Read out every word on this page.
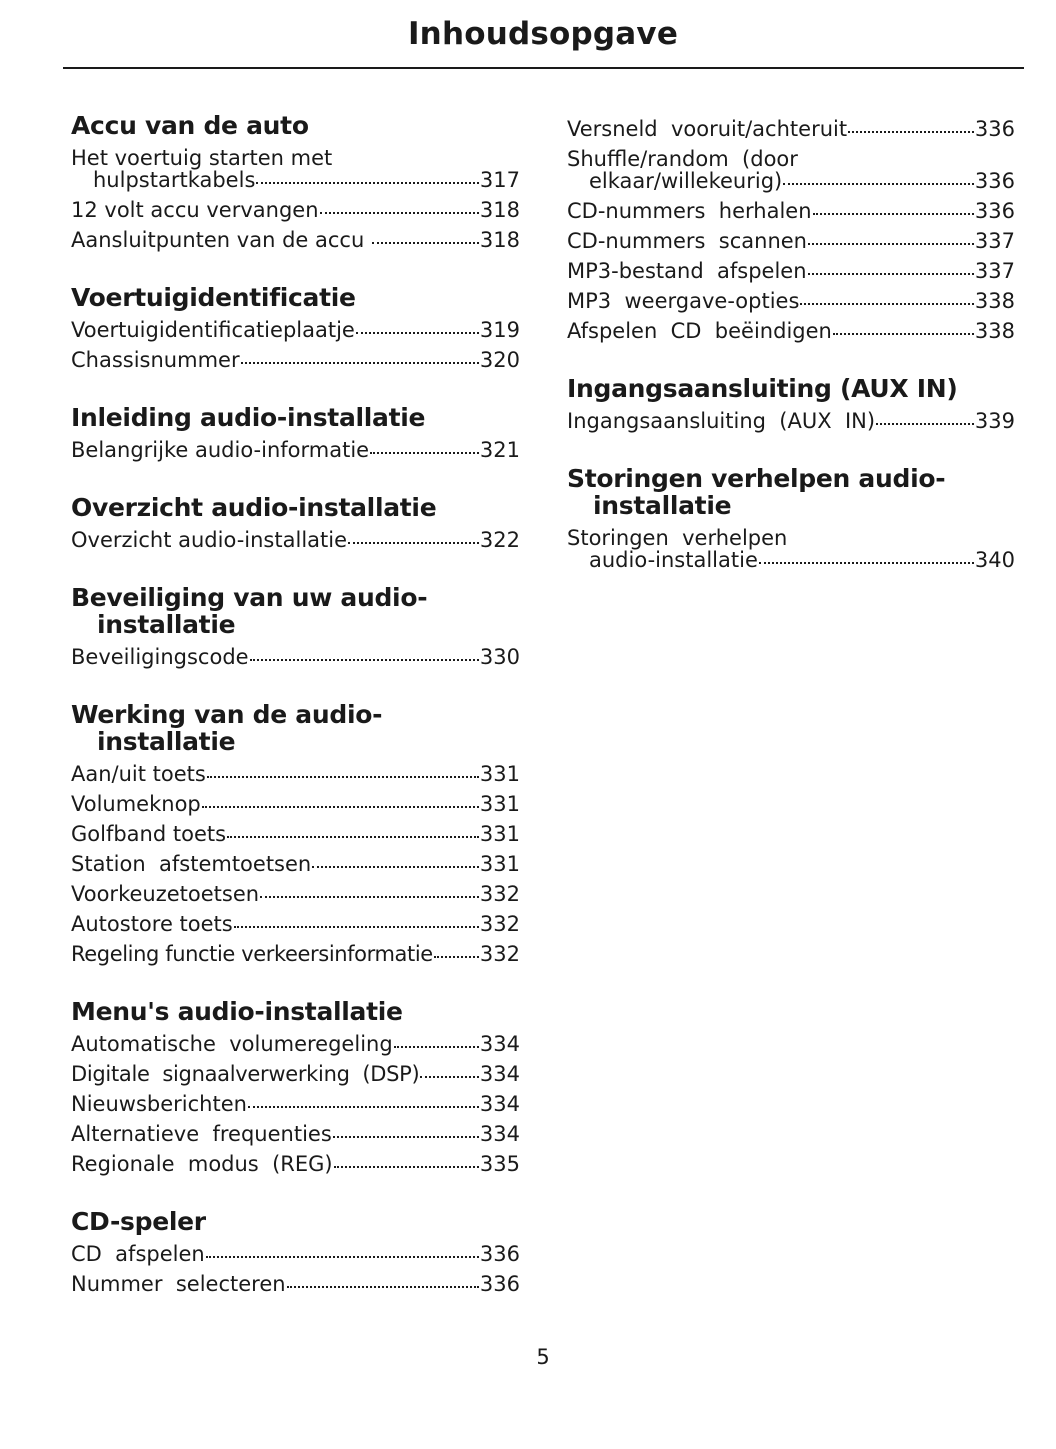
Inhoudsopgave
Accu van de auto
Het voertuig starten met
hulpstartkabels	317
12 volt accu vervangen	318
Aansluitpunten van de accu	318
Voertuigidentificatie
Voertuigidentificatieplaatje	319
Chassisnummer	320
Inleiding audio-installatie
Belangrijke audio-informatie	321
Overzicht audio-installatie
Overzicht audio-installatie	322
Beveiliging van uw audio-installatie
Beveiligingscode	330
Werking van de audio-installatie
Aan/uit toets	331
Volumeknop	331
Golfband toets	331
Station  afstemtoetsen	331
Voorkeuzetoetsen	332
Autostore toets	332
Regeling functie verkeersinformatie 332
Menu's audio-installatie
Automatische  volumeregeling	334
Digitale  signaalverwerking  (DSP)	334
Nieuwsberichten	334
Alternatieve  frequenties	334
Regionale  modus  (REG)	335
CD-speler
CD  afspelen	336
Nummer  selecteren	336
Versneld  vooruit/achteruit	336
Shuffle/random  (door
elkaar/willekeurig)	336
CD-nummers  herhalen	336
CD-nummers  scannen	337
MP3-bestand  afspelen	337
MP3  weergave-opties	338
Afspelen  CD  beëindigen	338
Ingangsaansluiting (AUX IN)
Ingangsaansluiting  (AUX  IN)	339
Storingen verhelpen audio-installatie
Storingen  verhelpen
audio-installatie	340
5
